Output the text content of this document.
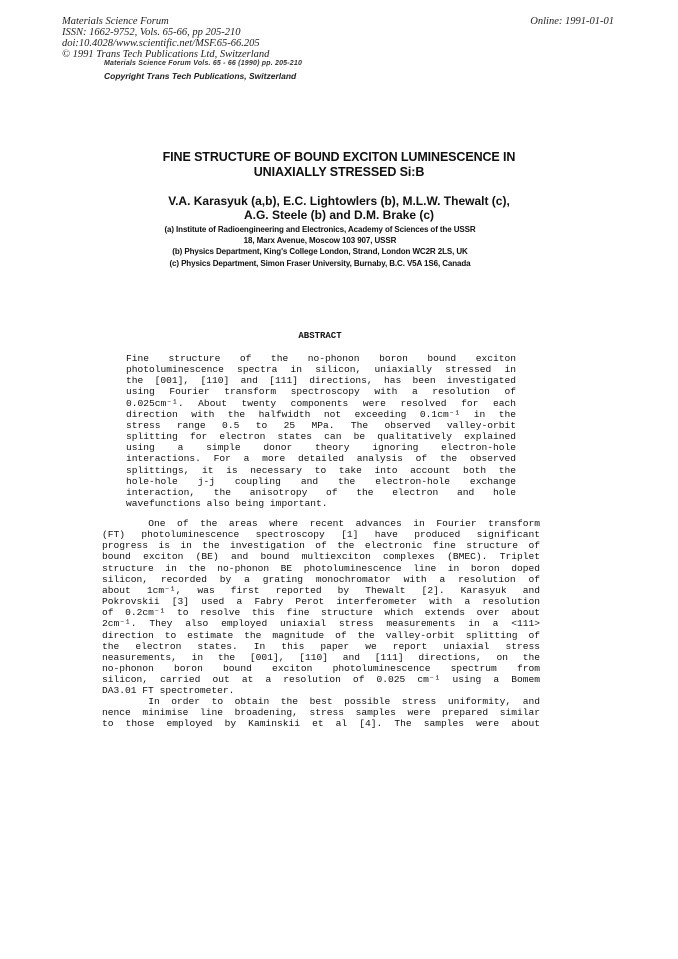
Materials Science Forum
ISSN: 1662-9752, Vols. 65-66, pp 205-210
doi:10.4028/www.scientific.net/MSF.65-66.205
© 1991 Trans Tech Publications Ltd, Switzerland
Online: 1991-01-01
Materials Science Forum Vols. 65 - 66 (1990) pp. 205-210
Copyright Trans Tech Publications, Switzerland
FINE STRUCTURE OF BOUND EXCITON LUMINESCENCE IN
UNIAXIALLY STRESSED Si:B
V.A. Karasyuk (a,b), E.C. Lightowlers (b), M.L.W. Thewalt (c),
A.G. Steele (b) and D.M. Brake (c)
(a) Institute of Radioengineering and Electronics, Academy of Sciences of the USSR
18, Marx Avenue, Moscow 103 907, USSR
(b) Physics Department, King's College London, Strand, London WC2R 2LS, UK
(c) Physics Department, Simon Fraser University, Burnaby, B.C. V5A 1S6, Canada
ABSTRACT
Fine structure of the no-phonon boron bound exciton
photoluminescence spectra in silicon, uniaxially stressed in
the [001], [110] and [111] directions, has been investigated
using Fourier transform spectroscopy with a resolution of
0.025cm⁻¹. About twenty components were resolved for each
direction with the halfwidth not exceeding 0.1cm⁻¹ in the
stress range 0.5 to 25 MPa. The observed valley-orbit
splitting for electron states can be qualitatively explained
using a simple donor theory ignoring electron-hole
interactions. For a more detailed analysis of the observed
splittings, it is necessary to take into account both the
hole-hole j-j coupling and the electron-hole exchange
interaction, the anisotropy of the electron and hole
wavefunctions also being important.
One of the areas where recent advances in Fourier transform
(FT) photoluminescence spectroscopy [1] have produced significant
progress is in the investigation of the electronic fine structure of
bound exciton (BE) and bound multiexciton complexes (BMEC). Triplet
structure in the no-phonon BE photoluminescence line in boron doped
silicon, recorded by a grating monochromator with a resolution of
about 1cm⁻¹, was first reported by Thewalt [2]. Karasyuk and
Pokrovskii [3] used a Fabry Perot interferometer with a resolution
of 0.2cm⁻¹ to resolve this fine structure which extends over about
2cm⁻¹. They also employed uniaxial stress measurements in a <111>
direction to estimate the magnitude of the valley-orbit splitting of
the electron states. In this paper we report uniaxial stress
neasurements, in the [001], [110] and [111] directions, on the
no-phonon boron bound exciton photoluminescence spectrum from
silicon, carried out at a resolution of 0.025 cm⁻¹ using a Bomem
DA3.01 FT spectrometer.
In order to obtain the best possible stress uniformity, and
nence minimise line broadening, stress samples were prepared similar
to those employed by Kaminskii et al [4]. The samples were about
